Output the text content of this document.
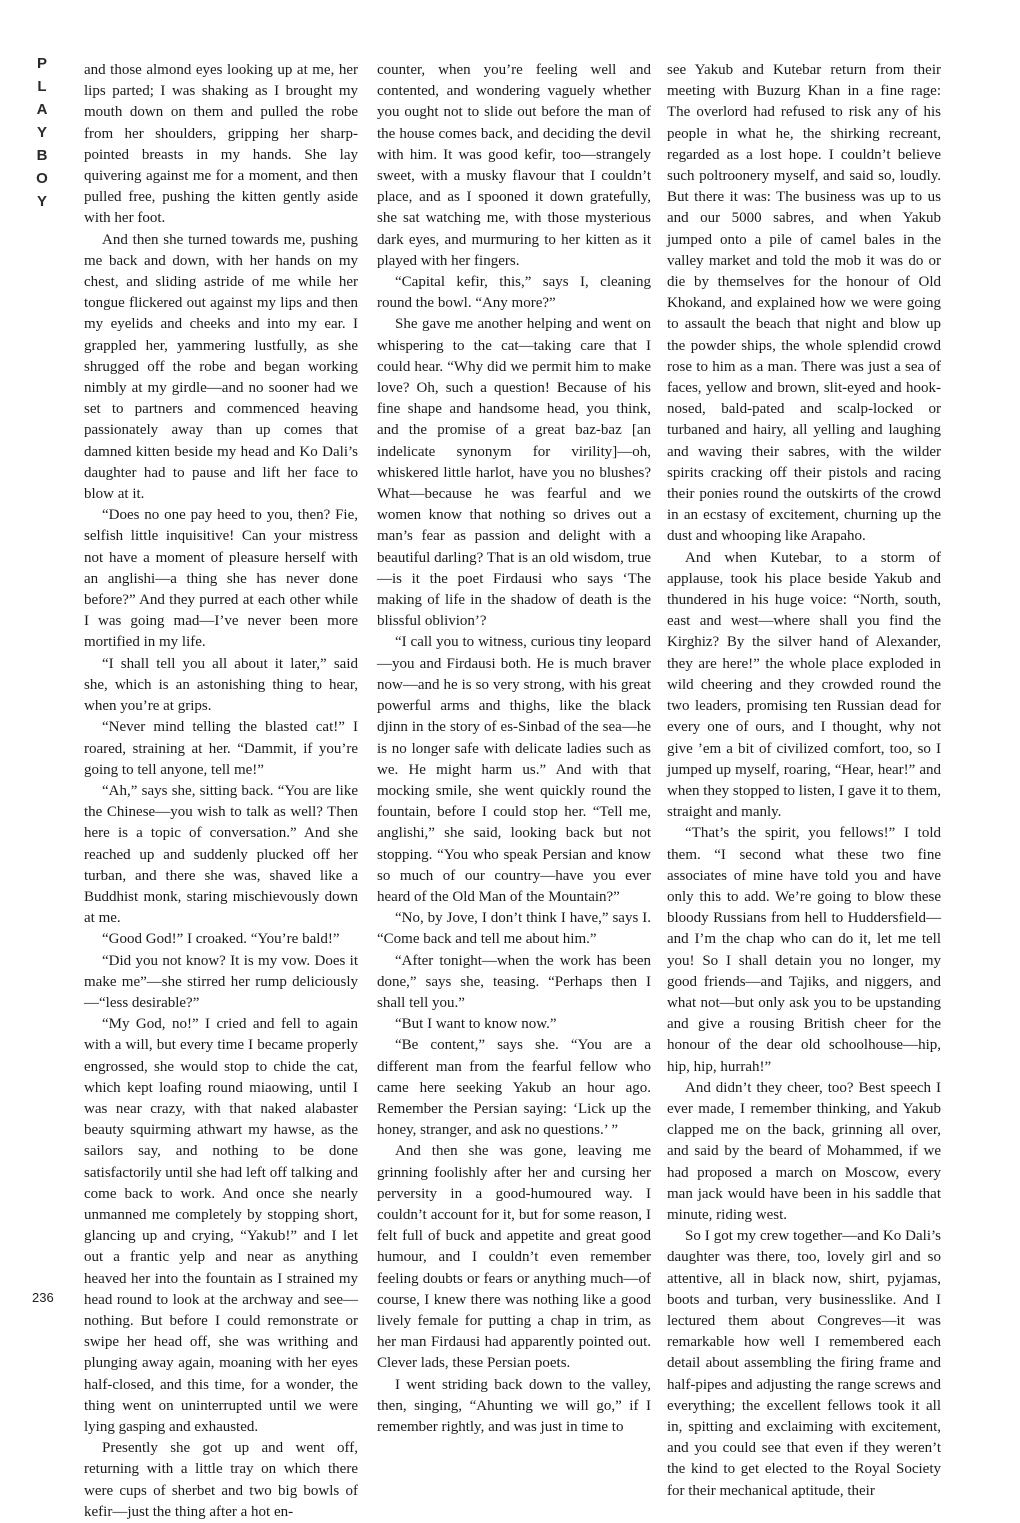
P
L
A
Y
B
O
Y
236

and those almond eyes looking up at me, her lips parted; I was shaking as I brought my mouth down on them and pulled the robe from her shoulders, gripping her sharp-pointed breasts in my hands. She lay quivering against me for a moment, and then pulled free, pushing the kitten gently aside with her foot.

And then she turned towards me, pushing me back and down, with her hands on my chest, and sliding astride of me while her tongue flickered out against my lips and then my eyelids and cheeks and into my ear. I grappled her, yammering lustfully, as she shrugged off the robe and began working nimbly at my girdle—and no sooner had we set to partners and commenced heaving passionately away than up comes that damned kitten beside my head and Ko Dali’s daughter had to pause and lift her face to blow at it.

“Does no one pay heed to you, then? Fie, selfish little inquisitive! Can your mistress not have a moment of pleasure herself with an anglishi—a thing she has never done before?” And they purred at each other while I was going mad—I’ve never been more mortified in my life.

“I shall tell you all about it later,” said she, which is an astonishing thing to hear, when you’re at grips.

“Never mind telling the blasted cat!” I roared, straining at her. “Dammit, if you’re going to tell anyone, tell me!”

“Ah,” says she, sitting back. “You are like the Chinese—you wish to talk as well? Then here is a topic of conversation.” And she reached up and suddenly plucked off her turban, and there she was, shaved like a Buddhist monk, staring mischievously down at me.

“Good God!” I croaked. “You’re bald!”

“Did you not know? It is my vow. Does it make me”—she stirred her rump deliciously—“less desirable?”

“My God, no!” I cried and fell to again with a will, but every time I became properly engrossed, she would stop to chide the cat, which kept loafing round miaowing, until I was near crazy, with that naked alabaster beauty squirming athwart my hawse, as the sailors say, and nothing to be done satisfactorily until she had left off talking and come back to work. And once she nearly unmanned me completely by stopping short, glancing up and crying, “Yakub!” and I let out a frantic yelp and near as anything heaved her into the fountain as I strained my head round to look at the archway and see—nothing. But before I could remonstrate or swipe her head off, she was writhing and plunging away again, moaning with her eyes half-closed, and this time, for a wonder, the thing went on uninterrupted until we were lying gasping and exhausted.

Presently she got up and went off, returning with a little tray on which there were cups of sherbet and two big bowls of kefir—just the thing after a hot en-

counter, when you’re feeling well and contented, and wondering vaguely whether you ought not to slide out before the man of the house comes back, and deciding the devil with him. It was good kefir, too—strangely sweet, with a musky flavour that I couldn’t place, and as I spooned it down gratefully, she sat watching me, with those mysterious dark eyes, and murmuring to her kitten as it played with her fingers.

“Capital kefir, this,” says I, cleaning round the bowl. “Any more?”

She gave me another helping and went on whispering to the cat—taking care that I could hear. “Why did we permit him to make love? Oh, such a question! Because of his fine shape and handsome head, you think, and the promise of a great baz-baz [an indelicate synonym for virility]—oh, whiskered little harlot, have you no blushes? What—because he was fearful and we women know that nothing so drives out a man’s fear as passion and delight with a beautiful darling? That is an old wisdom, true—is it the poet Firdausi who says ‘The making of life in the shadow of death is the blissful oblivion’?

“I call you to witness, curious tiny leopard—you and Firdausi both. He is much braver now—and he is so very strong, with his great powerful arms and thighs, like the black djinn in the story of es-Sinbad of the sea—he is no longer safe with delicate ladies such as we. He might harm us.” And with that mocking smile, she went quickly round the fountain, before I could stop her. “Tell me, anglishi,” she said, looking back but not stopping. “You who speak Persian and know so much of our country—have you ever heard of the Old Man of the Mountain?”

“No, by Jove, I don’t think I have,” says I. “Come back and tell me about him.”

“After tonight—when the work has been done,” says she, teasing. “Perhaps then I shall tell you.”

“But I want to know now.”

“Be content,” says she. “You are a different man from the fearful fellow who came here seeking Yakub an hour ago. Remember the Persian saying: ‘Lick up the honey, stranger, and ask no questions.’ ”

And then she was gone, leaving me grinning foolishly after her and cursing her perversity in a good-humoured way. I couldn’t account for it, but for some reason, I felt full of buck and appetite and great good humour, and I couldn’t even remember feeling doubts or fears or anything much—of course, I knew there was nothing like a good lively female for putting a chap in trim, as her man Firdausi had apparently pointed out. Clever lads, these Persian poets.

I went striding back down to the valley, then, singing, “Ahunting we will go,” if I remember rightly, and was just in time to

see Yakub and Kutebar return from their meeting with Buzurg Khan in a fine rage: The overlord had refused to risk any of his people in what he, the shirking recreant, regarded as a lost hope. I couldn’t believe such poltroonery myself, and said so, loudly. But there it was: The business was up to us and our 5000 sabres, and when Yakub jumped onto a pile of camel bales in the valley market and told the mob it was do or die by themselves for the honour of Old Khokand, and explained how we were going to assault the beach that night and blow up the powder ships, the whole splendid crowd rose to him as a man. There was just a sea of faces, yellow and brown, slit-eyed and hook-nosed, bald-pated and scalp-locked or turbaned and hairy, all yelling and laughing and waving their sabres, with the wilder spirits cracking off their pistols and racing their ponies round the outskirts of the crowd in an ecstasy of excitement, churning up the dust and whooping like Arapaho.

And when Kutebar, to a storm of applause, took his place beside Yakub and thundered in his huge voice: “North, south, east and west—where shall you find the Kirghiz? By the silver hand of Alexander, they are here!” the whole place exploded in wild cheering and they crowded round the two leaders, promising ten Russian dead for every one of ours, and I thought, why not give ’em a bit of civilized comfort, too, so I jumped up myself, roaring, “Hear, hear!” and when they stopped to listen, I gave it to them, straight and manly.

“That’s the spirit, you fellows!” I told them. “I second what these two fine associates of mine have told you and have only this to add. We’re going to blow these bloody Russians from hell to Huddersfield—and I’m the chap who can do it, let me tell you! So I shall detain you no longer, my good friends—and Tajiks, and niggers, and what not—but only ask you to be upstanding and give a rousing British cheer for the honour of the dear old schoolhouse—hip, hip, hip, hurrah!”

And didn’t they cheer, too? Best speech I ever made, I remember thinking, and Yakub clapped me on the back, grinning all over, and said by the beard of Mohammed, if we had proposed a march on Moscow, every man jack would have been in his saddle that minute, riding west.

So I got my crew together—and Ko Dali’s daughter was there, too, lovely girl and so attentive, all in black now, shirt, pyjamas, boots and turban, very businesslike. And I lectured them about Congreves—it was remarkable how well I remembered each detail about assembling the firing frame and half-pipes and adjusting the range screws and everything; the excellent fellows took it all in, spitting and exclaiming with excitement, and you could see that even if they weren’t the kind to get elected to the Royal Society for their mechanical aptitude, their
